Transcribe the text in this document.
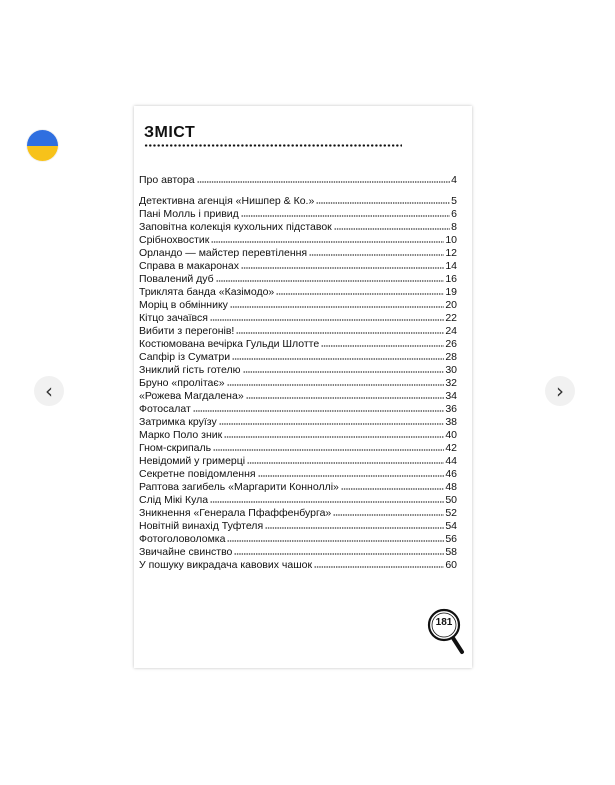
‹	›
ЗМІСТ
Про автора	4
Детективна агенція «Нишпер & Ко.»	5
Пані Молль і привид	6
Заповітна колекція кухольних підставок	8
Срібнохвостик	10
Орландо — майстер перевтілення	12
Справа в макаронах	14
Повалений дуб	16
Триклята банда «Казімодо»	19
Моріц в обміннику	20
Кітцо зачаївся	22
Вибити з перегонів!	24
Костюмована вечірка Гульди Шлотте	26
Сапфір із Суматри	28
Зниклий гість готелю	30
Бруно «пролітає»	32
«Рожева Магдалена»	34
Фотосалат	36
Затримка круїзу	38
Марко Поло зник	40
Гном-скрипаль	42
Невідомий у гримерці	44
Секретне повідомлення	46
Раптова загибель «Маргарити Конноллі»	48
Слід Мікі Кула	50
Зникнення «Генерала Пфаффенбурга»	52
Новітній винахід Туфтеля	54
Фотоголоволомка	56
Звичайне свинство	58
У пошуку викрадача кавових чашок	60
181
